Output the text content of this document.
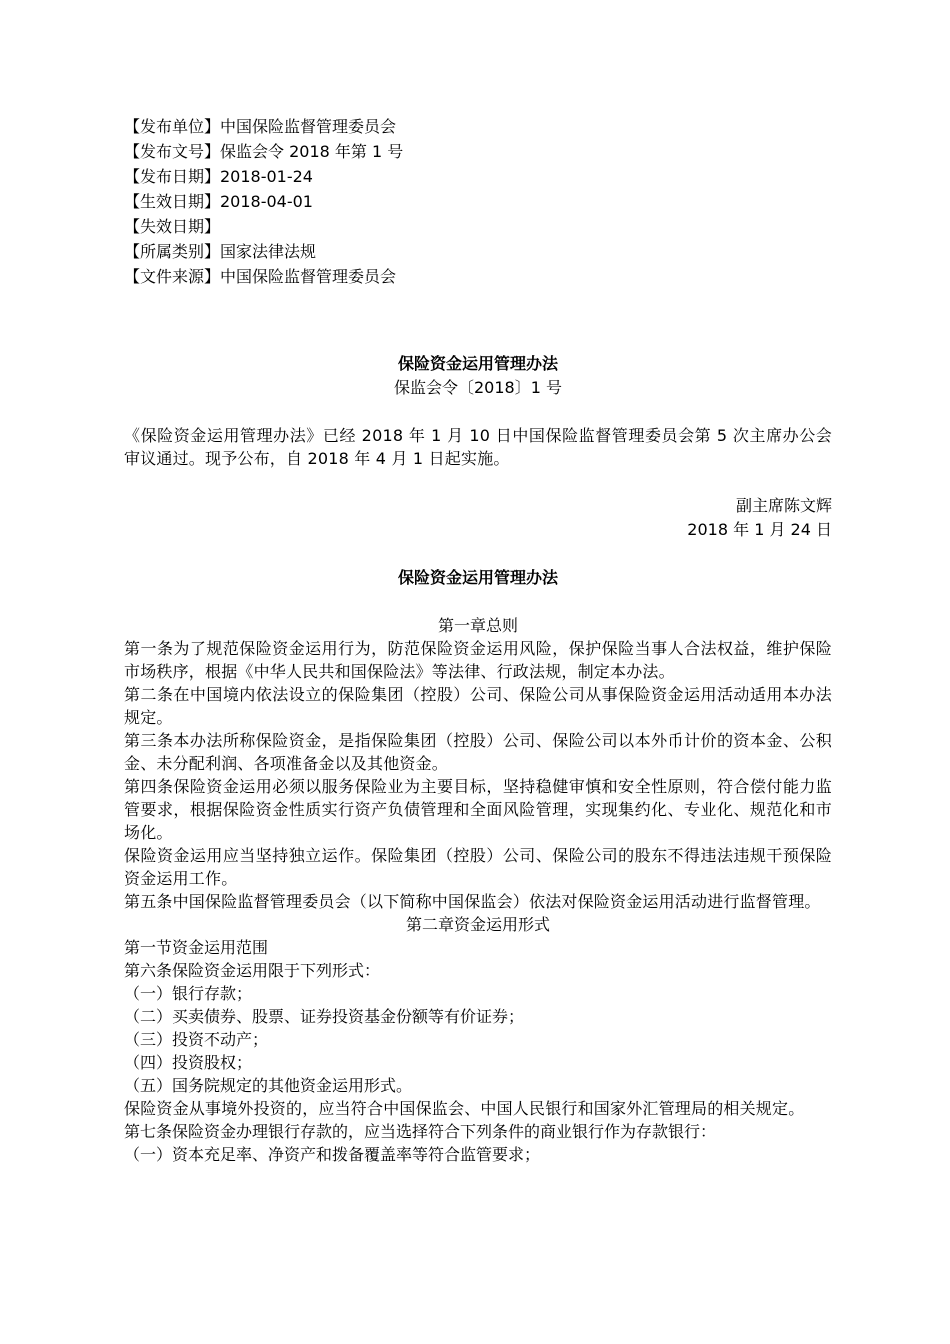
【发布单位】中国保险监督管理委员会
【发布文号】保监会令 2018 年第 1 号
【发布日期】2018-01-24
【生效日期】2018-04-01
【失效日期】
【所属类别】国家法律法规
【文件来源】中国保险监督管理委员会
保险资金运用管理办法
保监会令〔2018〕1 号
《保险资金运用管理办法》已经 2018 年 1 月 10 日中国保险监督管理委员会第 5 次主席办公会审议通过。现予公布，自 2018 年 4 月 1 日起实施。
副主席陈文辉
2018 年 1 月 24 日
保险资金运用管理办法
第一章总则
第一条为了规范保险资金运用行为，防范保险资金运用风险，保护保险当事人合法权益，维护保险市场秩序，根据《中华人民共和国保险法》等法律、行政法规，制定本办法。
第二条在中国境内依法设立的保险集团（控股）公司、保险公司从事保险资金运用活动适用本办法规定。
第三条本办法所称保险资金，是指保险集团（控股）公司、保险公司以本外币计价的资本金、公积金、未分配利润、各项准备金以及其他资金。
第四条保险资金运用必须以服务保险业为主要目标，坚持稳健审慎和安全性原则，符合偿付能力监管要求，根据保险资金性质实行资产负债管理和全面风险管理，实现集约化、专业化、规范化和市场化。
保险资金运用应当坚持独立运作。保险集团（控股）公司、保险公司的股东不得违法违规干预保险资金运用工作。
第五条中国保险监督管理委员会（以下简称中国保监会）依法对保险资金运用活动进行监督管理。
第二章资金运用形式
第一节资金运用范围
第六条保险资金运用限于下列形式：
（一）银行存款；
（二）买卖债券、股票、证券投资基金份额等有价证券；
（三）投资不动产；
（四）投资股权；
（五）国务院规定的其他资金运用形式。
保险资金从事境外投资的，应当符合中国保监会、中国人民银行和国家外汇管理局的相关规定。
第七条保险资金办理银行存款的，应当选择符合下列条件的商业银行作为存款银行：
（一）资本充足率、净资产和拨备覆盖率等符合监管要求；
